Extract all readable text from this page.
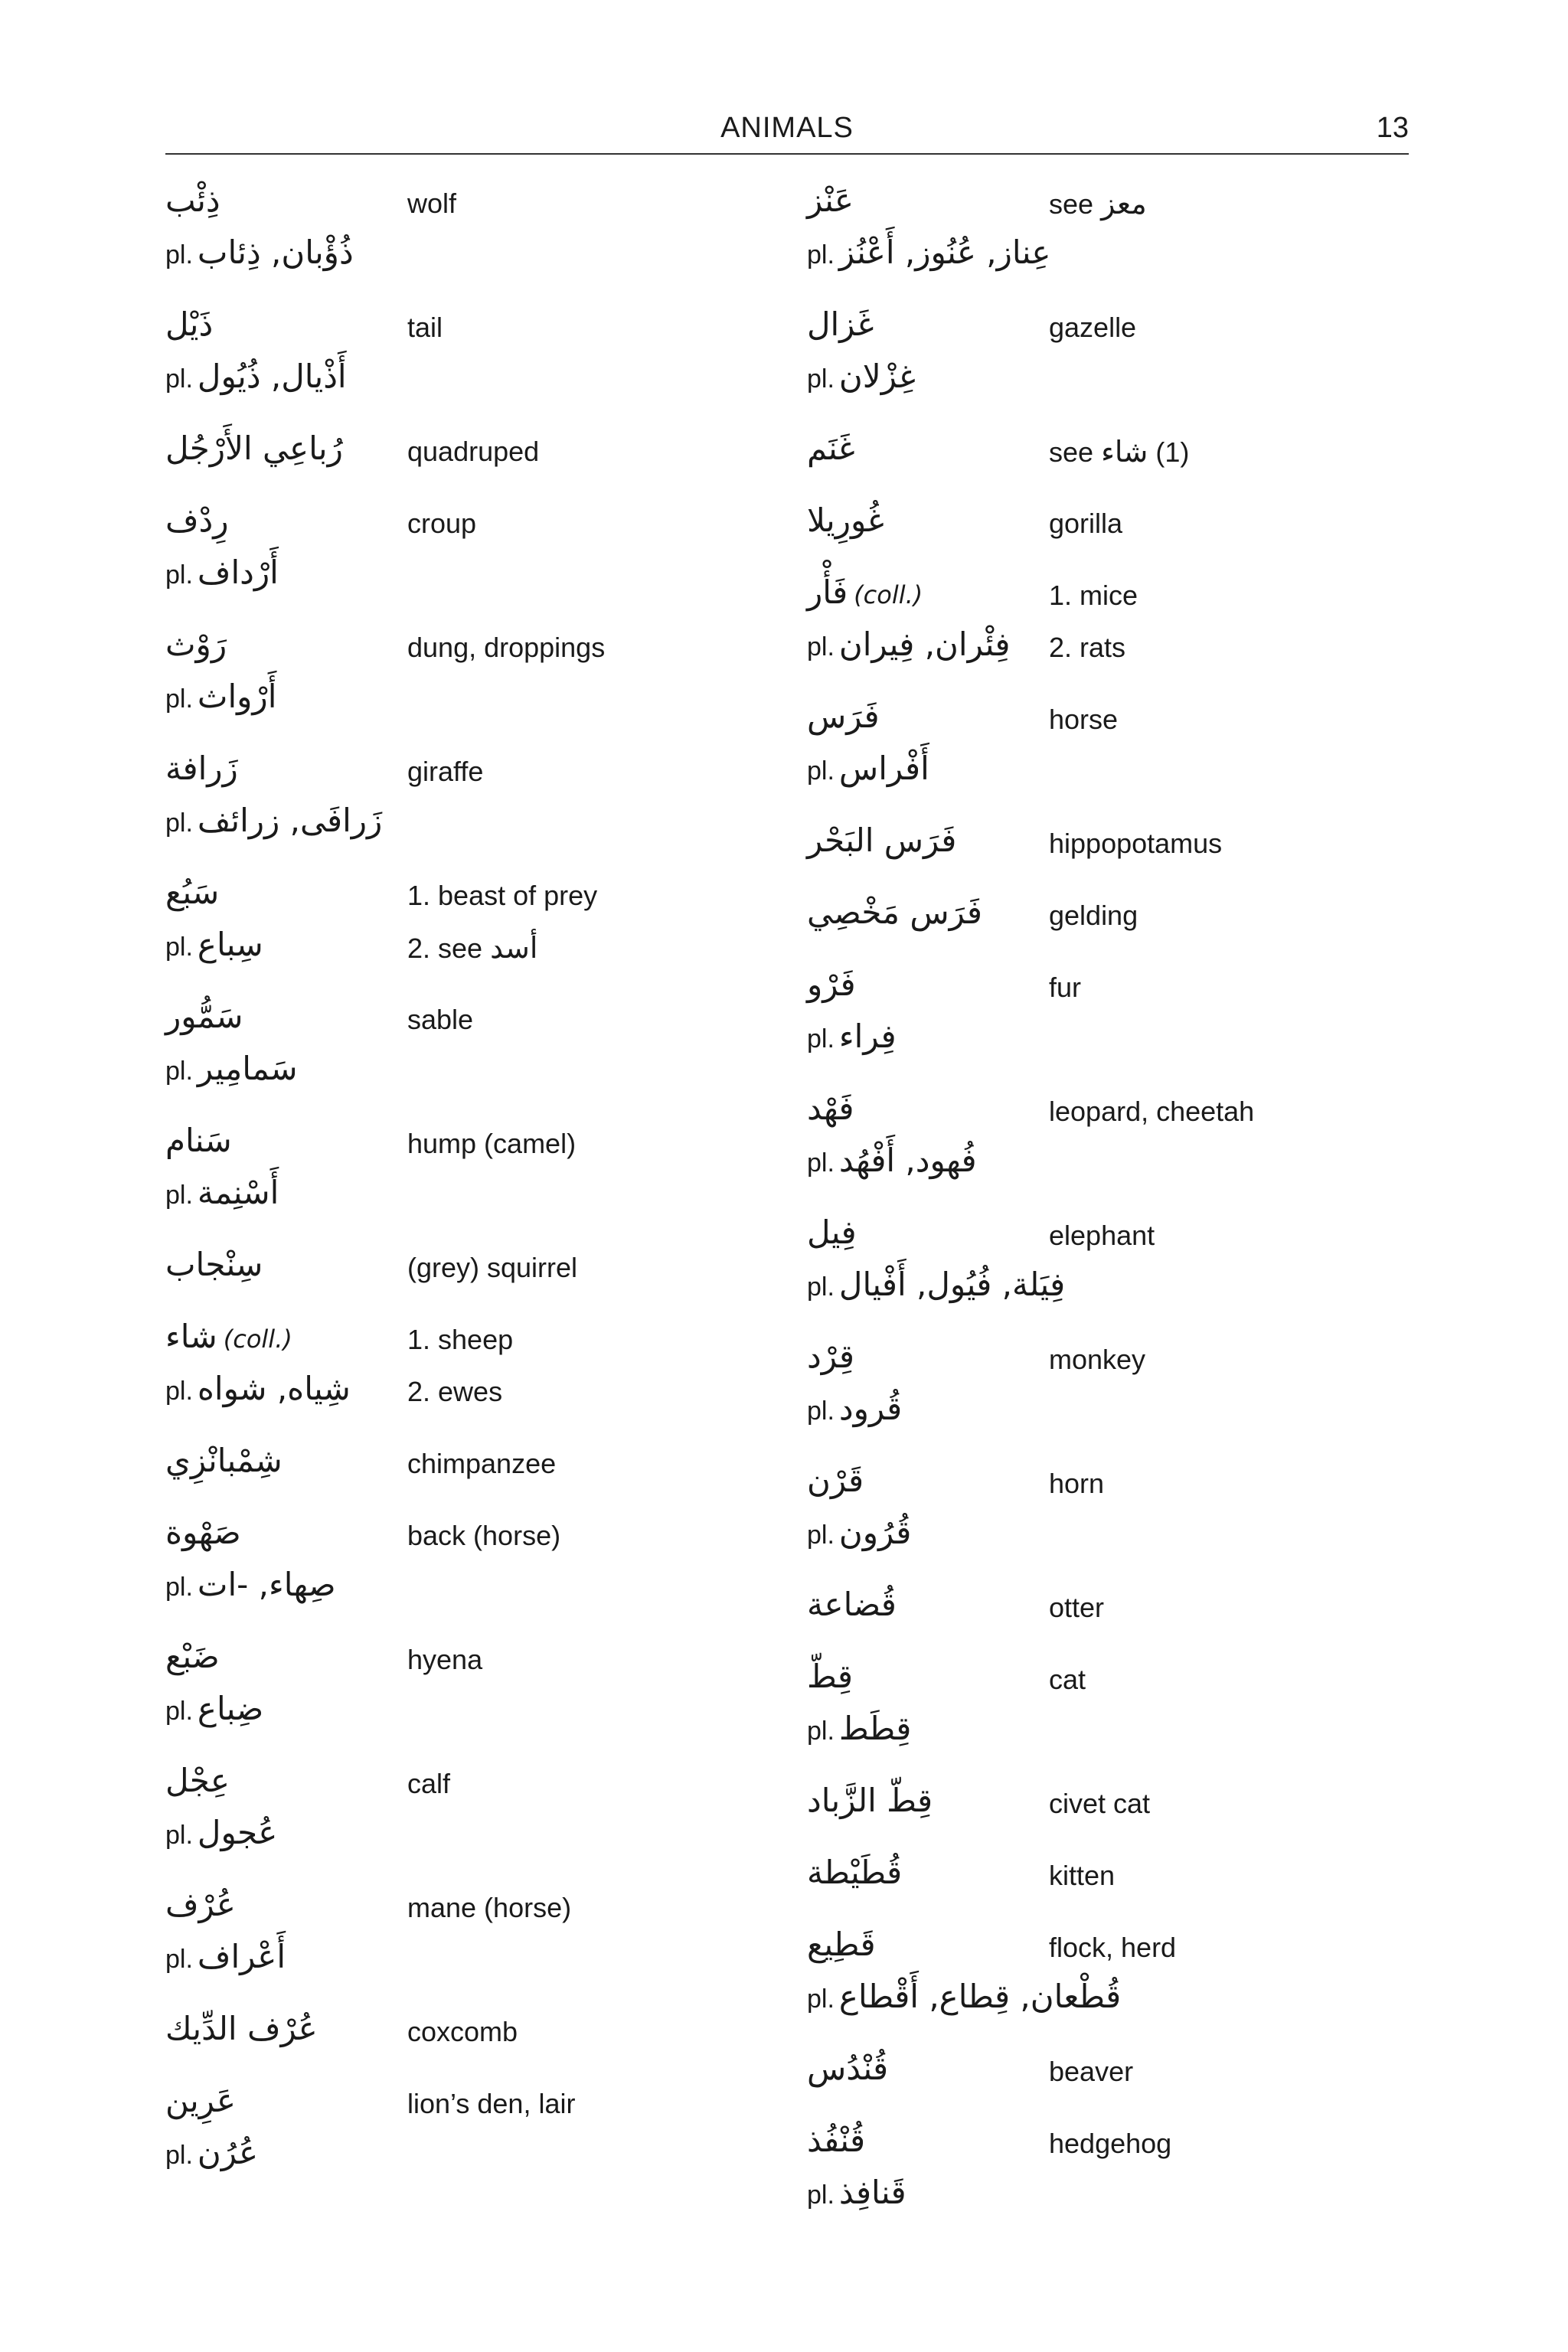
ANIMALS	13
ذِئْب	wolf
pl. ذُؤْبان, ذِئاب
ذَيْل	tail
pl. أَذْيال, ذُيُول
رُباعِي الأَرْجُل	quadruped
رِدْف	croup
pl. أَرْداف
رَوْث	dung, droppings
pl. أَرْواث
زَرافة	giraffe
pl. زَرافَى, زرائف
سَبُع	1. beast of prey
pl. سِباع	2. see أسد
سَمُّور	sable
pl. سَمامِير
سَنام	hump (camel)
pl. أَسْنِمة
سِنْجاب	(grey) squirrel
شاء (coll.)	1. sheep
pl. شِياه, شواه	2. ewes
شِمْبانْزِي	chimpanzee
صَهْوة	back (horse)
pl. صِهاء, -ات
ضَبْع	hyena
pl. ضِباع
عِجْل	calf
pl. عُجول
عُرْف	mane (horse)
pl. أَعْراف
عُرْف الدِّيك	coxcomb
عَرِين	lion’s den, lair
pl. عُرُن
عَنْز	see معز
pl. عِناز, عُنُوز, أَعْنُز
غَزال	gazelle
pl. غِزْلان
غَنَم	see شاء (1)
غُورِيلا	gorilla
فَأْر (coll.)	1. mice
pl. فِئْران, فِيران	2. rats
فَرَس	horse
pl. أَفْراس
فَرَس البَحْر	hippopotamus
فَرَس مَخْصِي	gelding
فَرْو	fur
pl. فِراء
فَهْد	leopard, cheetah
pl. فُهود, أَفْهُد
فِيل	elephant
pl. فِيَلة, فُيُول, أَفْيال
قِرْد	monkey
pl. قُرود
قَرْن	horn
pl. قُرُون
قُضاعة	otter
قِطّ	cat
pl. قِطَط
قِطّ الزَّباد	civet cat
قُطَيْطة	kitten
قَطِيع	flock, herd
pl. قُطْعان, قِطاع, أَقْطاع
قُنْدُس	beaver
قُنْفُذ	hedgehog
pl. قَنافِذ
